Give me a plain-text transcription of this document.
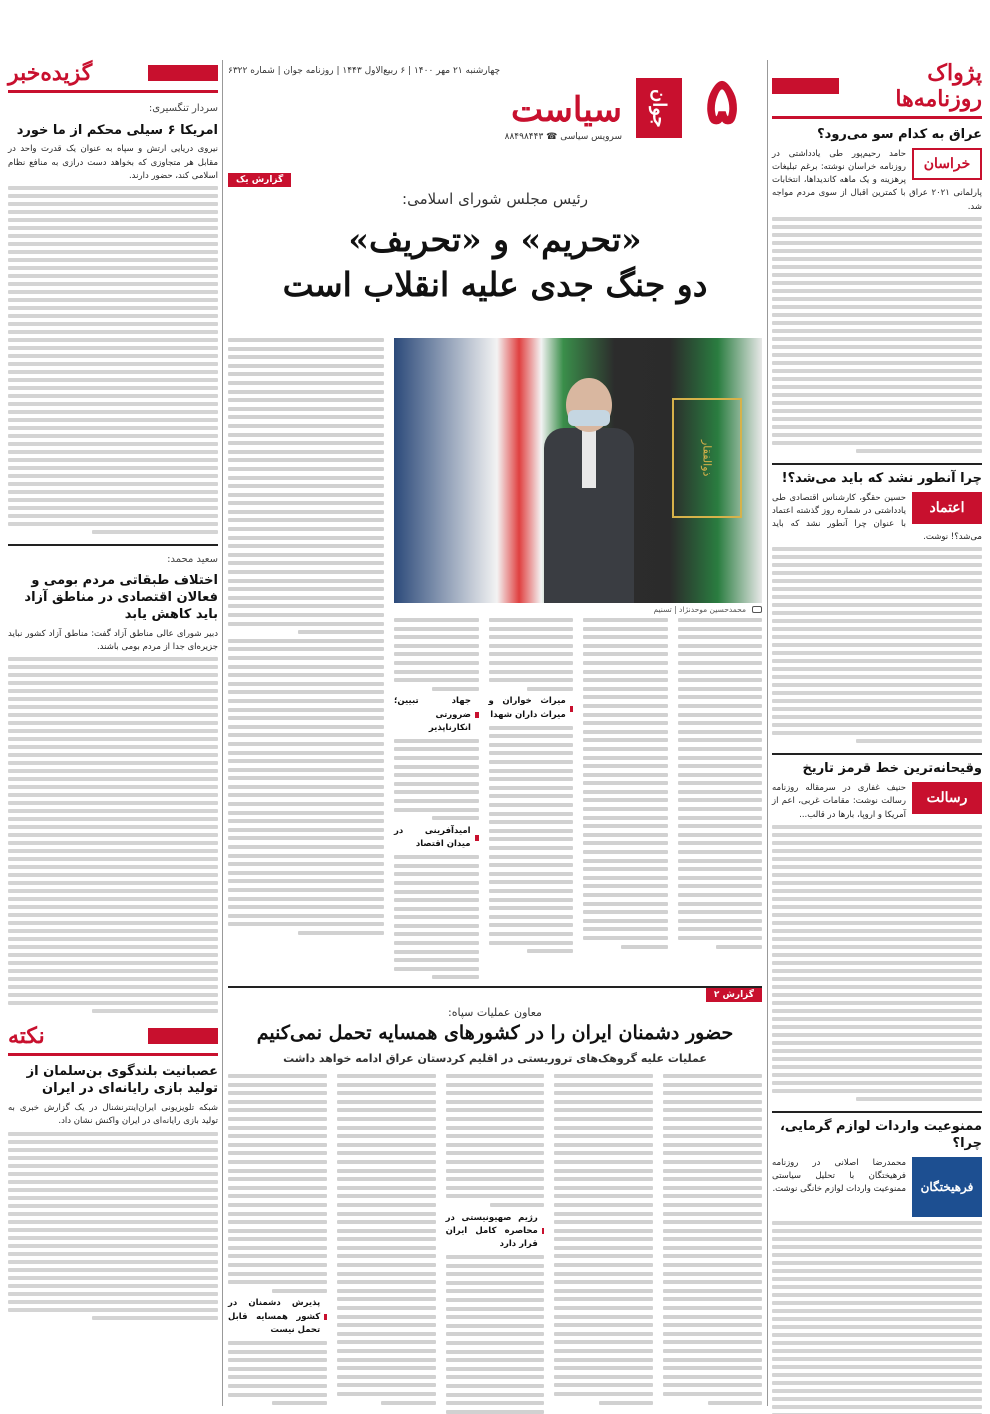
پژواک روزنامه‌ها
عراق به کدام سو می‌رود؟
خراسان
حامد رحیم‌پور طی یادداشتی در روزنامه خراسان نوشته: برغم تبلیغات پرهزینه و یک ماهه کاندیداها، انتخابات پارلمانی ۲۰۲۱ عراق با کمترین اقبال از سوی مردم مواجه شد.
چرا آنطور نشد که باید می‌شد؟!
اعتماد
حسین حقگو، کارشناس اقتصادی طی یادداشتی در شماره روز گذشته اعتماد با عنوان چرا آنطور نشد که باید می‌شد؟! نوشت.
وقیحانه‌ترین خط قرمز تاریخ
رسالت
حنیف غفاری در سرمقاله روزنامه رسالت نوشت: مقامات غربی، اعم از آمریکا و اروپا، بارها در قالب...
ممنوعیت واردات لوازم گرمایی، چرا؟
فرهیختگان
محمدرضا اصلانی در روزنامه فرهیختگان با تحلیل سیاستی ممنوعیت واردات لوازم خانگی نوشت.
۵
جوان
سیاست
سرویس سیاسی ☎ ۸۸۴۹۸۴۴۳
چهارشنبه ۲۱ مهر ۱۴۰۰ | ۶ ربیع‌الاول ۱۴۴۳ | روزنامه جوان | شماره ۶۳۲۲
گزارش یک
رئیس مجلس شورای اسلامی:
«تحریم» و «تحریف»
دو جنگ جدی علیه انقلاب است
ذوالفقار
محمدحسین موحدنژاد | تسنیم
میراث خواران و میراث داران شهدا
جهاد تبیین؛ ضرورتی انکارناپذیر
امیدآفرینی در میدان اقتصاد
گزارش ۲
معاون عملیات سپاه:
حضور دشمنان ایران را در کشورهای همسایه تحمل نمی‌کنیم
عملیات علیه گروهک‌های تروریستی در اقلیم کردستان عراق ادامه خواهد داشت
رژیم صهیونیستی در محاصره کامل ایران قرار دارد
پذیرش دشمنان در کشور همسایه قابل تحمل نیست
گزیده‌خبر
سردار تنگسیری:
امریکا ۶ سیلی محکم از ما خورد
نیروی دریایی ارتش و سپاه به عنوان یک قدرت واحد در مقابل هر متجاوزی که بخواهد دست درازی به منافع نظام اسلامی کند، حضور دارند.
سعید محمد:
اختلاف طبقاتی مردم بومی و فعالان اقتصادی در مناطق آزاد باید کاهش یابد
دبیر شورای عالی مناطق آزاد گفت: مناطق آزاد کشور نباید جزیره‌ای جدا از مردم بومی باشند.
نکته
عصبانیت بلندگوی بن‌سلمان از تولید بازی رایانه‌ای در ایران
شبکه تلویزیونی ایران‌اینترنشنال در یک گزارش خبری به تولید بازی رایانه‌ای در ایران واکنش نشان داد.
